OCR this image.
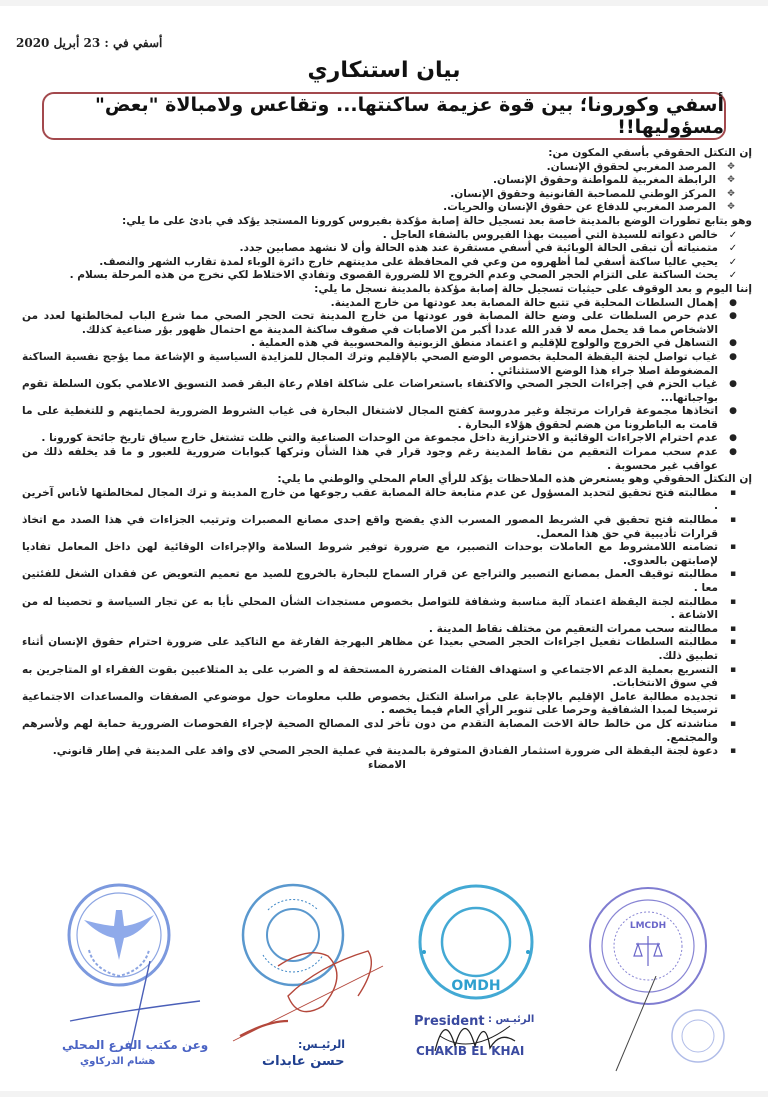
أسفي في : 23 أبريل 2020
بيان استنكاري
أسفي وكورونا؛ بين قوة عزيمة ساكنتها... وتقاعس ولامبالاة "بعض" مسؤوليها!!

إن التكتل الحقوقي بأسفي المكون من:

✥
المرصد المغربي لحقوق الإنسان.
✥
الرابطة المغربية للمواطنة وحقوق الإنسان.
✥
المركز الوطني للمصاحبة القانونية وحقوق الإنسان.
✥
المرصد المغربي للدفاع عن حقوق الإنسان والحريات.

وهو يتابع تطورات الوضع بالمدينة خاصة بعد تسجيل حالة إصابة مؤكدة بفيروس كورونا المستجد يؤكد في بادئ على ما يلي:

✓
خالص دعواته للسيدة التي أصيبت بهذا الفيروس بالشفاء العاجل .
✓
متمنياته أن تبقى الحالة الوبائية في أسفي مستقرة عند هذه الحالة وأن لا نشهد مصابين جدد.
✓
يحيي عاليا ساكنة أسفي لما أظهروه من وعي في المحافظة على مدينتهم خارج دائرة الوباء لمدة تقارب الشهر والنصف.
✓
يحث الساكنة على التزام الحجر الصحي وعدم الخروج الا للضرورة القصوى وتفادي الاختلاط لكي نخرج من هذه المرحلة بسلام .

إننا اليوم و بعد الوقوف على حيثيات تسجيل حالة إصابة مؤكدة بالمدينة نسجل ما يلي:

●
إهمال السلطات المحلية في تتبع حالة المصابة بعد عودتها من خارج المدينة.
●
عدم حرص السلطات على وضع حالة المصابة فور عودتها من خارج المدينة تحت الحجر الصحي مما شرع الباب لمخالطتها لعدد من الاشخاص مما قد يحمل معه لا قدر الله عددا أكبر من الاصابات في صفوف ساكنة المدينة مع احتمال ظهور بؤر صناعية كذلك.
●
التساهل في الخروج والولوج للإقليم و اعتماد منطق الزبونية والمحسوبية في هذه العملية .
●
غياب تواصل لجنة اليقظة المحلية بخصوص الوضع الصحي بالإقليم وترك المجال للمزايدة السياسية و الإشاعة مما يؤجج نفسية الساكنة المضغوطة اصلا جراء هذا الوضع الاستثنائي .
●
غياب الحزم في إجراءات الحجر الصحي والاكتفاء باستعراضات على شاكلة افلام رعاة البقر قصد التسويق الاعلامي بكون السلطة تقوم بواجباتها...
●
اتخاذها مجموعة قرارات مرتجلة وغير مدروسة كفتح المجال لاشتغال البحارة فى غياب الشروط الضرورية لحمايتهم و للتغطية على ما قامت به الباطرونا من هضم لحقوق هؤلاء البحارة .
●
عدم احترام الاجراءات الوقائية و الاحترازية داخل مجموعة من الوحدات الصناعية والتي ظلت تشتغل خارج سياق تاريخ جائحة كورونا .
●
عدم سحب ممرات التعقيم من نقاط المدينة رغم وجود قرار في هذا الشأن وتركها كبوابات ضرورية للعبور و ما قد يخلفه ذلك من عواقب غير محسوبة .

إن التكتل الحقوقي وهو يستعرض هذه الملاحظات يؤكد للرأي العام المحلي والوطني ما يلي:

▪
مطالبته فتح تحقيق لتحديد المسؤول عن عدم متابعة حالة المصابة عقب رجوعها من خارج المدينة و ترك المجال لمخالطتها لأناس آخرين .
▪
مطالبته فتح تحقيق في الشريط المصور المسرب الذي يفضح واقع إحدى مصانع المصبرات وترتيب الجزاءات في هذا الصدد مع اتخاذ قرارات تأديبية في حق هذا المعمل.
▪
تضامنه اللامشروط مع العاملات بوحدات التصبير، مع ضرورة توفير شروط السلامة والإجراءات الوقائية لهن داخل المعامل تفاديا لإصابتهن بالعدوى.
▪
مطالبته توقيف العمل بمصانع التصبير والتراجع عن قرار السماح للبحارة بالخروج للصيد مع تعميم التعويض عن فقدان الشغل للفئتين معا .
▪
مطالبته لجنة اليقظة اعتماد آلية مناسبة وشفافة للتواصل بخصوص مستجدات الشأن المحلي نأيا به عن تجار السياسة و تحصينا له من الاشاعة .
▪
مطالبته سحب ممرات التعقيم من مختلف نقاط المدينة .
▪
مطالبته السلطات تفعيل اجراءات الحجر الصحي بعيدا عن مظاهر البهرجة الفارغة مع التاكيد على ضرورة احترام حقوق الإنسان أثناء تطبيق ذلك.
▪
التسريع بعملية الدعم الاجتماعي و استهداف الفئات المتضررة المستحقة له و الضرب على يد المتلاعبين بقوت الفقراء او المتاجرين به في سوق الانتخابات.
▪
تجديده مطالبة عامل الإقليم بالإجابة على مراسلة التكتل بخصوص طلب معلومات حول موضوعي الصفقات والمساعدات الاجتماعية ترسيخا لمبدا الشفافية وحرصا على تنوير الرأي العام فيما يخصه .
▪
مناشدته كل من خالط حالة الاخت المصابة التقدم من دون تأخر لدى المصالح الصحية لإجراء الفحوصات الضرورية حماية لهم ولأسرهم والمجتمع.
▪
دعوة لجنة اليقظة الى ضرورة استثمار الفنادق المتوفرة بالمدينة في عملية الحجر الصحي لاى وافد على المدينة في إطار قانوني.

الامضاء

وعن مكتب الفرع المحلي
هشام الدركاوي
الرئيـس:
حسن عابدات
OMDH
President الرئيـس :
CHAKIB EL KHAI
LMCDH
